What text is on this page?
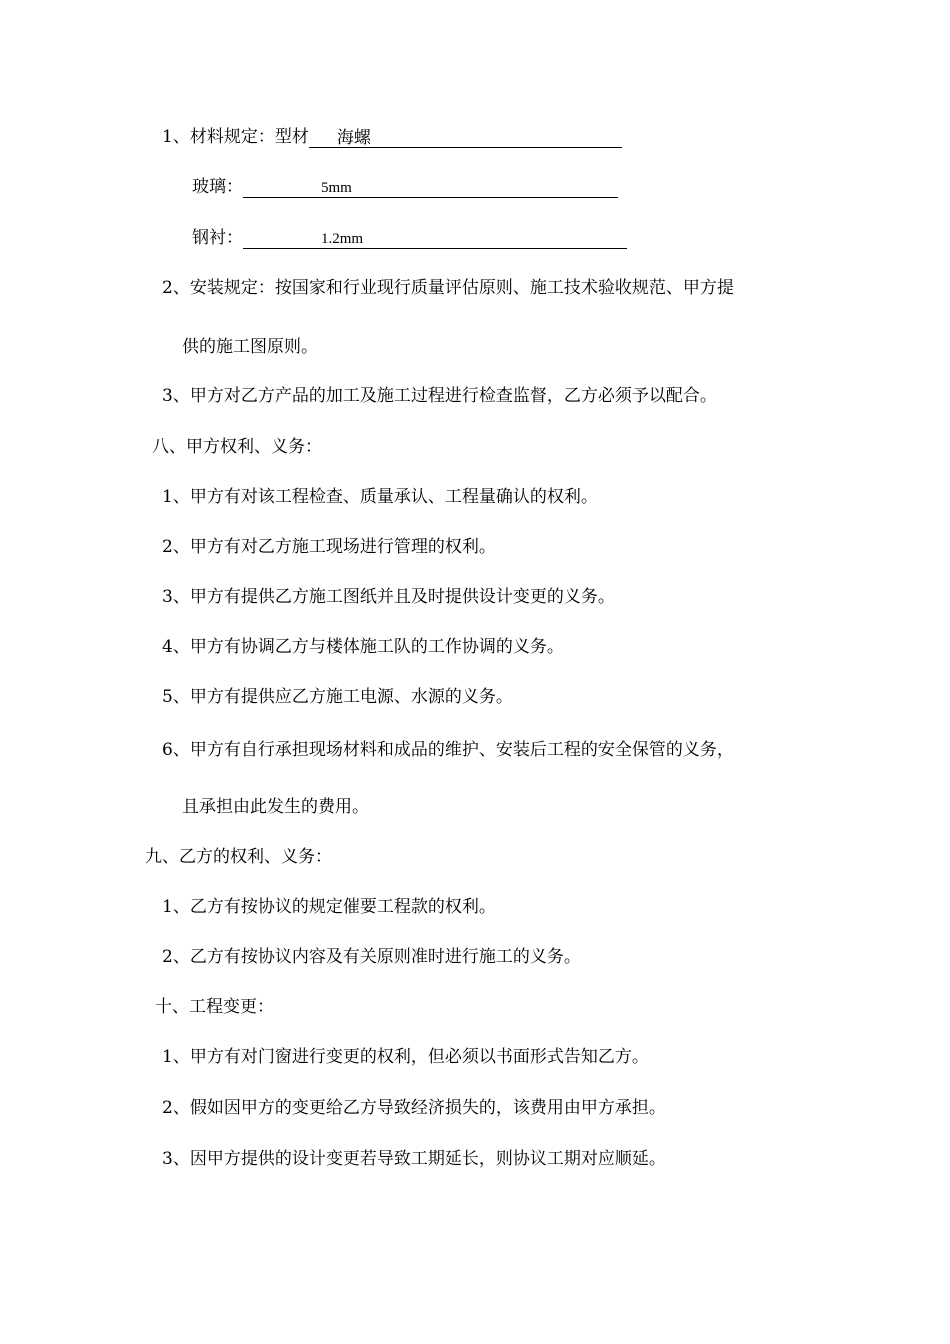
1、材料规定：型材 海螺
玻璃：	5mm
钢衬：	1.2mm
2、安装规定：按国家和行业现行质量评估原则、施工技术验收规范、甲方提
供的施工图原则。
3、甲方对乙方产品的加工及施工过程进行检查监督，乙方必须予以配合。
八、甲方权利、义务：
1、甲方有对该工程检查、质量承认、工程量确认的权利。
2、甲方有对乙方施工现场进行管理的权利。
3、甲方有提供乙方施工图纸并且及时提供设计变更的义务。
4、甲方有协调乙方与楼体施工队的工作协调的义务。
5、甲方有提供应乙方施工电源、水源的义务。
6、甲方有自行承担现场材料和成品的维护、安装后工程的安全保管的义务，
且承担由此发生的费用。
九、乙方的权利、义务：
1、乙方有按协议的规定催要工程款的权利。
2、乙方有按协议内容及有关原则准时进行施工的义务。
十、工程变更：
1、甲方有对门窗进行变更的权利，但必须以书面形式告知乙方。
2、假如因甲方的变更给乙方导致经济损失的，该费用由甲方承担。
3、因甲方提供的设计变更若导致工期延长，则协议工期对应顺延。
